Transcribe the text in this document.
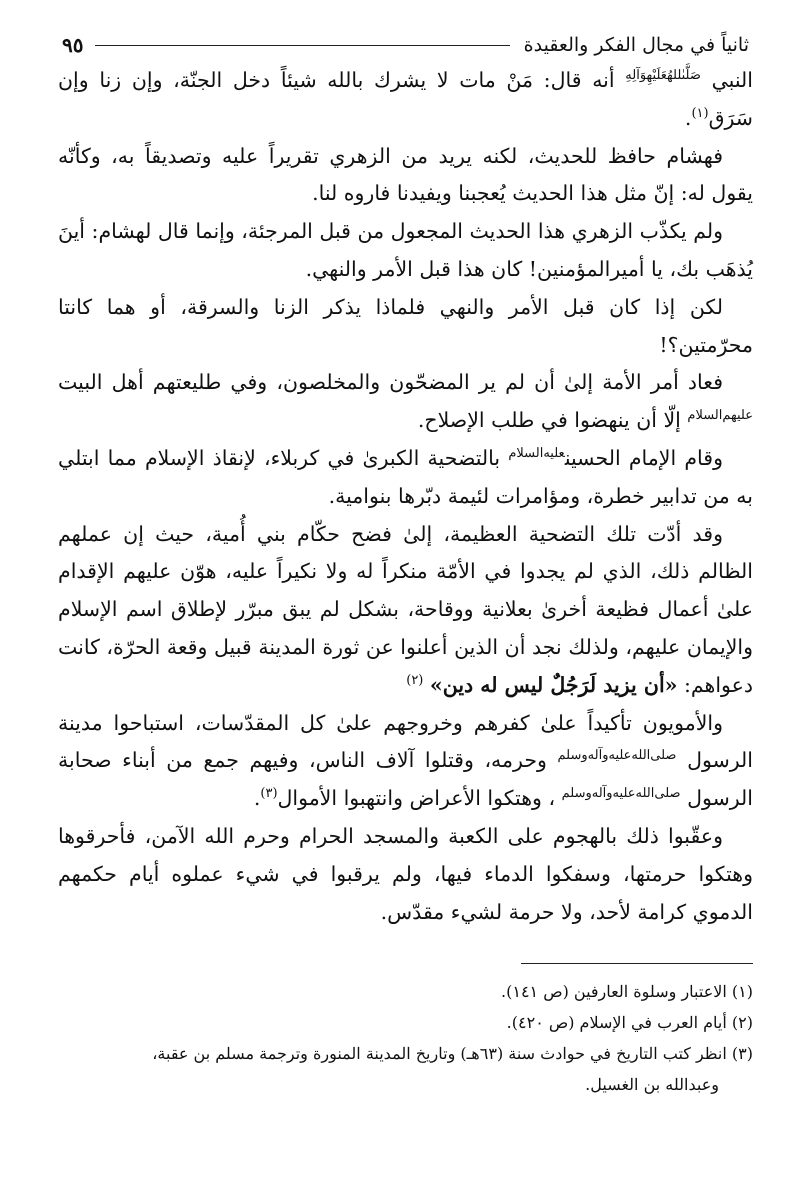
ثانياً في مجال الفكر والعقيدة
٩٥

النبي $^{صَلَّىٰللهُعَلَيْهِوَآلِهِ}$ أنه قال: مَنْ مات لا يشرك بالله شيئاً دخل الجنّة، وإن زنا وإن سَرَق$^{(١)}$.

فهشام حافظ للحديث، لكنه يريد من الزهري تقريراً عليه وتصديقاً به، وكأنّه يقول له: إنّ مثل هذا الحديث يُعجبنا ويفيدنا فاروه لنا.

ولم يكذّب الزهري هذا الحديث المجعول من قبل المرجئة، وإنما قال لهشام: أينَ يُذهَب بك، يا أميرالمؤمنين! كان هذا قبل الأمر والنهي.

لكن إذا كان قبل الأمر والنهي فلماذا يذكر الزنا والسرقة، أو هما كانتا محرّمتين؟!

فعاد أمر الأمة إلىٰ أن لم ير المضحّون والمخلصون، وفي طليعتهم أهل البيت $^{عليهم‌السلام}$ إلّا أن ينهضوا في طلب الإصلاح.

وقام الإمام الحسين$^{عليه‌السلام}$ بالتضحية الكبرىٰ في كربلاء، لإنقاذ الإسلام مما ابتلي به من تدابير خطرة، ومؤامرات لئيمة دبّرها بنوامية.

وقد أدّت تلك التضحية العظيمة، إلىٰ فضح حكّام بني أُمية، حيث إن عملهم الظالم ذلك، الذي لم يجدوا في الأمّة منكراً له ولا نكيراً عليه، هوّن عليهم الإقدام علىٰ أعمال فظيعة أخرىٰ بعلانية ووقاحة، بشكل لم يبق مبرّر لإطلاق اسم الإسلام والإيمان عليهم، ولذلك نجد أن الذين أعلنوا عن ثورة المدينة قبيل وقعة الحرّة، كانت دعواهم: «أن يزيد لَرَجُلٌ ليس له دين» $^{(٢)}$

والأمويون تأكيداً علىٰ كفرهم وخروجهم علىٰ كل المقدّسات، استباحوا مدينة الرسول $^{صلى‌الله‌عليه‌وآله‌وسلم}$ وحرمه، وقتلوا آلاف الناس، وفيهم جمع من أبناء صحابة الرسول $^{صلى‌الله‌عليه‌وآله‌وسلم}$ ، وهتكوا الأعراض وانتهبوا الأموال$^{(٣)}$.

وعقّبوا ذلك بالهجوم على الكعبة والمسجد الحرام وحرم الله الآمن، فأحرقوها وهتكوا حرمتها، وسفكوا الدماء فيها، ولم يرقبوا في شيء عملوه أيام حكمهم الدموي كرامة لأحد، ولا حرمة لشيء مقدّس.

(١) الاعتبار وسلوة العارفين (ص ١٤١).

(٢) أيام العرب في الإسلام (ص ٤٢٠).

(٣) انظر كتب التاريخ في حوادث سنة (٦٣هـ) وتاريخ المدينة المنورة وترجمة مسلم بن عقبة،

وعبدالله بن الغسيل.
